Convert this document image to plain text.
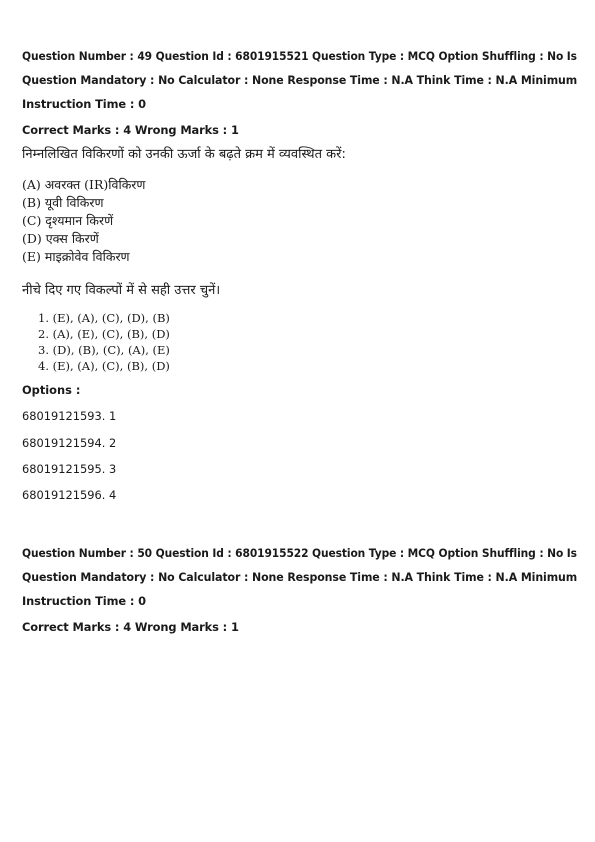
Question Number : 49 Question Id : 6801915521 Question Type : MCQ Option Shuffling : No Is
Question Mandatory : No Calculator : None Response Time : N.A Think Time : N.A Minimum
Instruction Time : 0
Correct Marks : 4 Wrong Marks : 1
निम्नलिखित विकिरणों को उनकी ऊर्जा के बढ़ते क्रम में व्यवस्थित करें:
(A) अवरक्त (IR)विकिरण
(B) यूवी विकिरण
(C) दृश्यमान किरणें
(D) एक्स किरणें
(E) माइक्रोवेव विकिरण
नीचे दिए गए विकल्पों में से सही उत्तर चुनें।
1. (E), (A), (C), (D), (B)
2. (A), (E), (C), (B), (D)
3. (D), (B), (C), (A), (E)
4. (E), (A), (C), (B), (D)
Options :
68019121593. 1
68019121594. 2
68019121595. 3
68019121596. 4
Question Number : 50 Question Id : 6801915522 Question Type : MCQ Option Shuffling : No Is
Question Mandatory : No Calculator : None Response Time : N.A Think Time : N.A Minimum
Instruction Time : 0
Correct Marks : 4 Wrong Marks : 1
